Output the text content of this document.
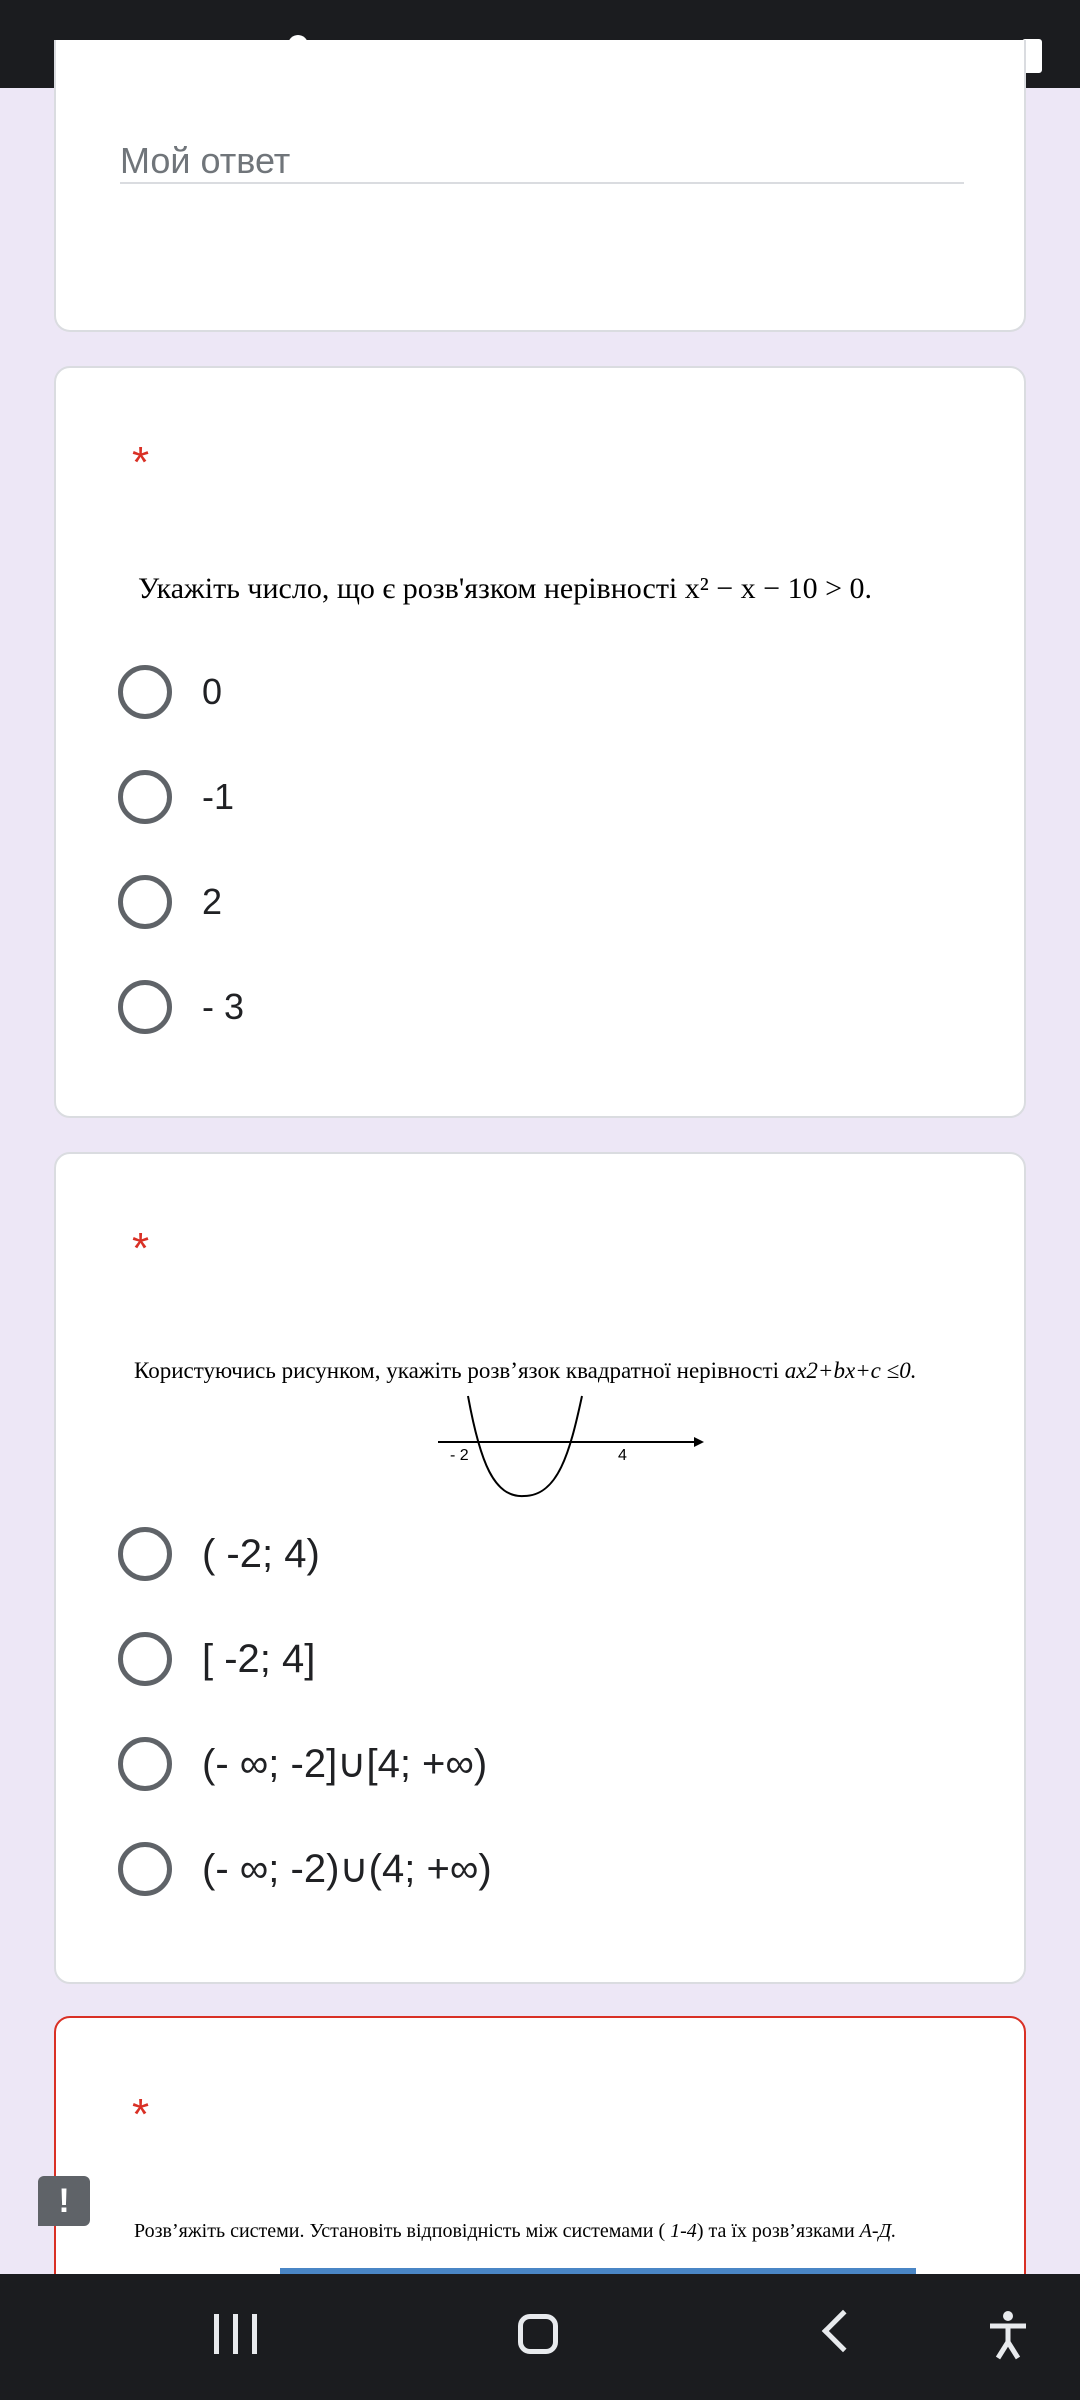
Мой ответ
*
Укажіть число, що є розв'язком нерівності x² − x − 10 > 0.
0
-1
2
- 3
*
Користуючись рисунком, укажіть розв’язок квадратної нерівності ax2+bx+c ≤0.
- 2	4
( -2; 4)
[ -2; 4]
(- ∞; -2]∪[4; +∞)
(- ∞; -2)∪(4; +∞)
*
Розв’яжіть системи. Установіть відповідність між системами ( 1-4) та їх розв’язками А-Д.
!
